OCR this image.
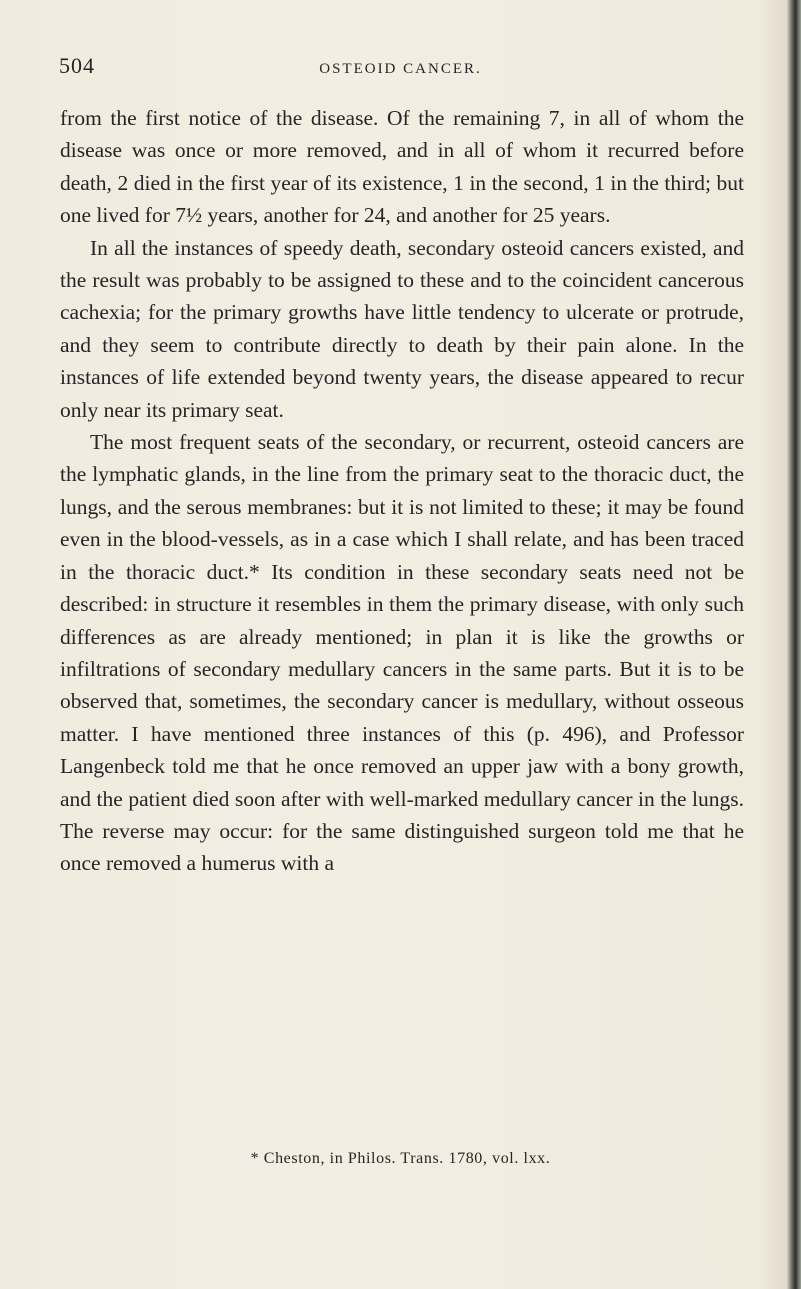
504	OSTEOID CANCER.

from the first notice of the disease. Of the remaining 7, in all of whom the disease was once or more removed, and in all of whom it recurred before death, 2 died in the first year of its existence, 1 in the second, 1 in the third; but one lived for 7½ years, another for 24, and another for 25 years.

In all the instances of speedy death, secondary osteoid cancers existed, and the result was probably to be assigned to these and to the coincident cancerous cachexia; for the primary growths have little tendency to ulcerate or protrude, and they seem to contribute directly to death by their pain alone. In the instances of life extended beyond twenty years, the disease appeared to recur only near its primary seat.

The most frequent seats of the secondary, or recurrent, osteoid cancers are the lymphatic glands, in the line from the primary seat to the thoracic duct, the lungs, and the serous membranes: but it is not limited to these; it may be found even in the blood-vessels, as in a case which I shall relate, and has been traced in the thoracic duct.* Its condition in these secondary seats need not be described: in structure it resembles in them the primary disease, with only such differences as are already mentioned; in plan it is like the growths or infiltrations of secondary medullary cancers in the same parts. But it is to be observed that, sometimes, the secondary cancer is medullary, without osseous matter. I have mentioned three instances of this (p. 496), and Professor Langenbeck told me that he once removed an upper jaw with a bony growth, and the patient died soon after with well-marked medullary cancer in the lungs. The reverse may occur: for the same distinguished surgeon told me that he once removed a humerus with a

* Cheston, in Philos. Trans. 1780, vol. lxx.
